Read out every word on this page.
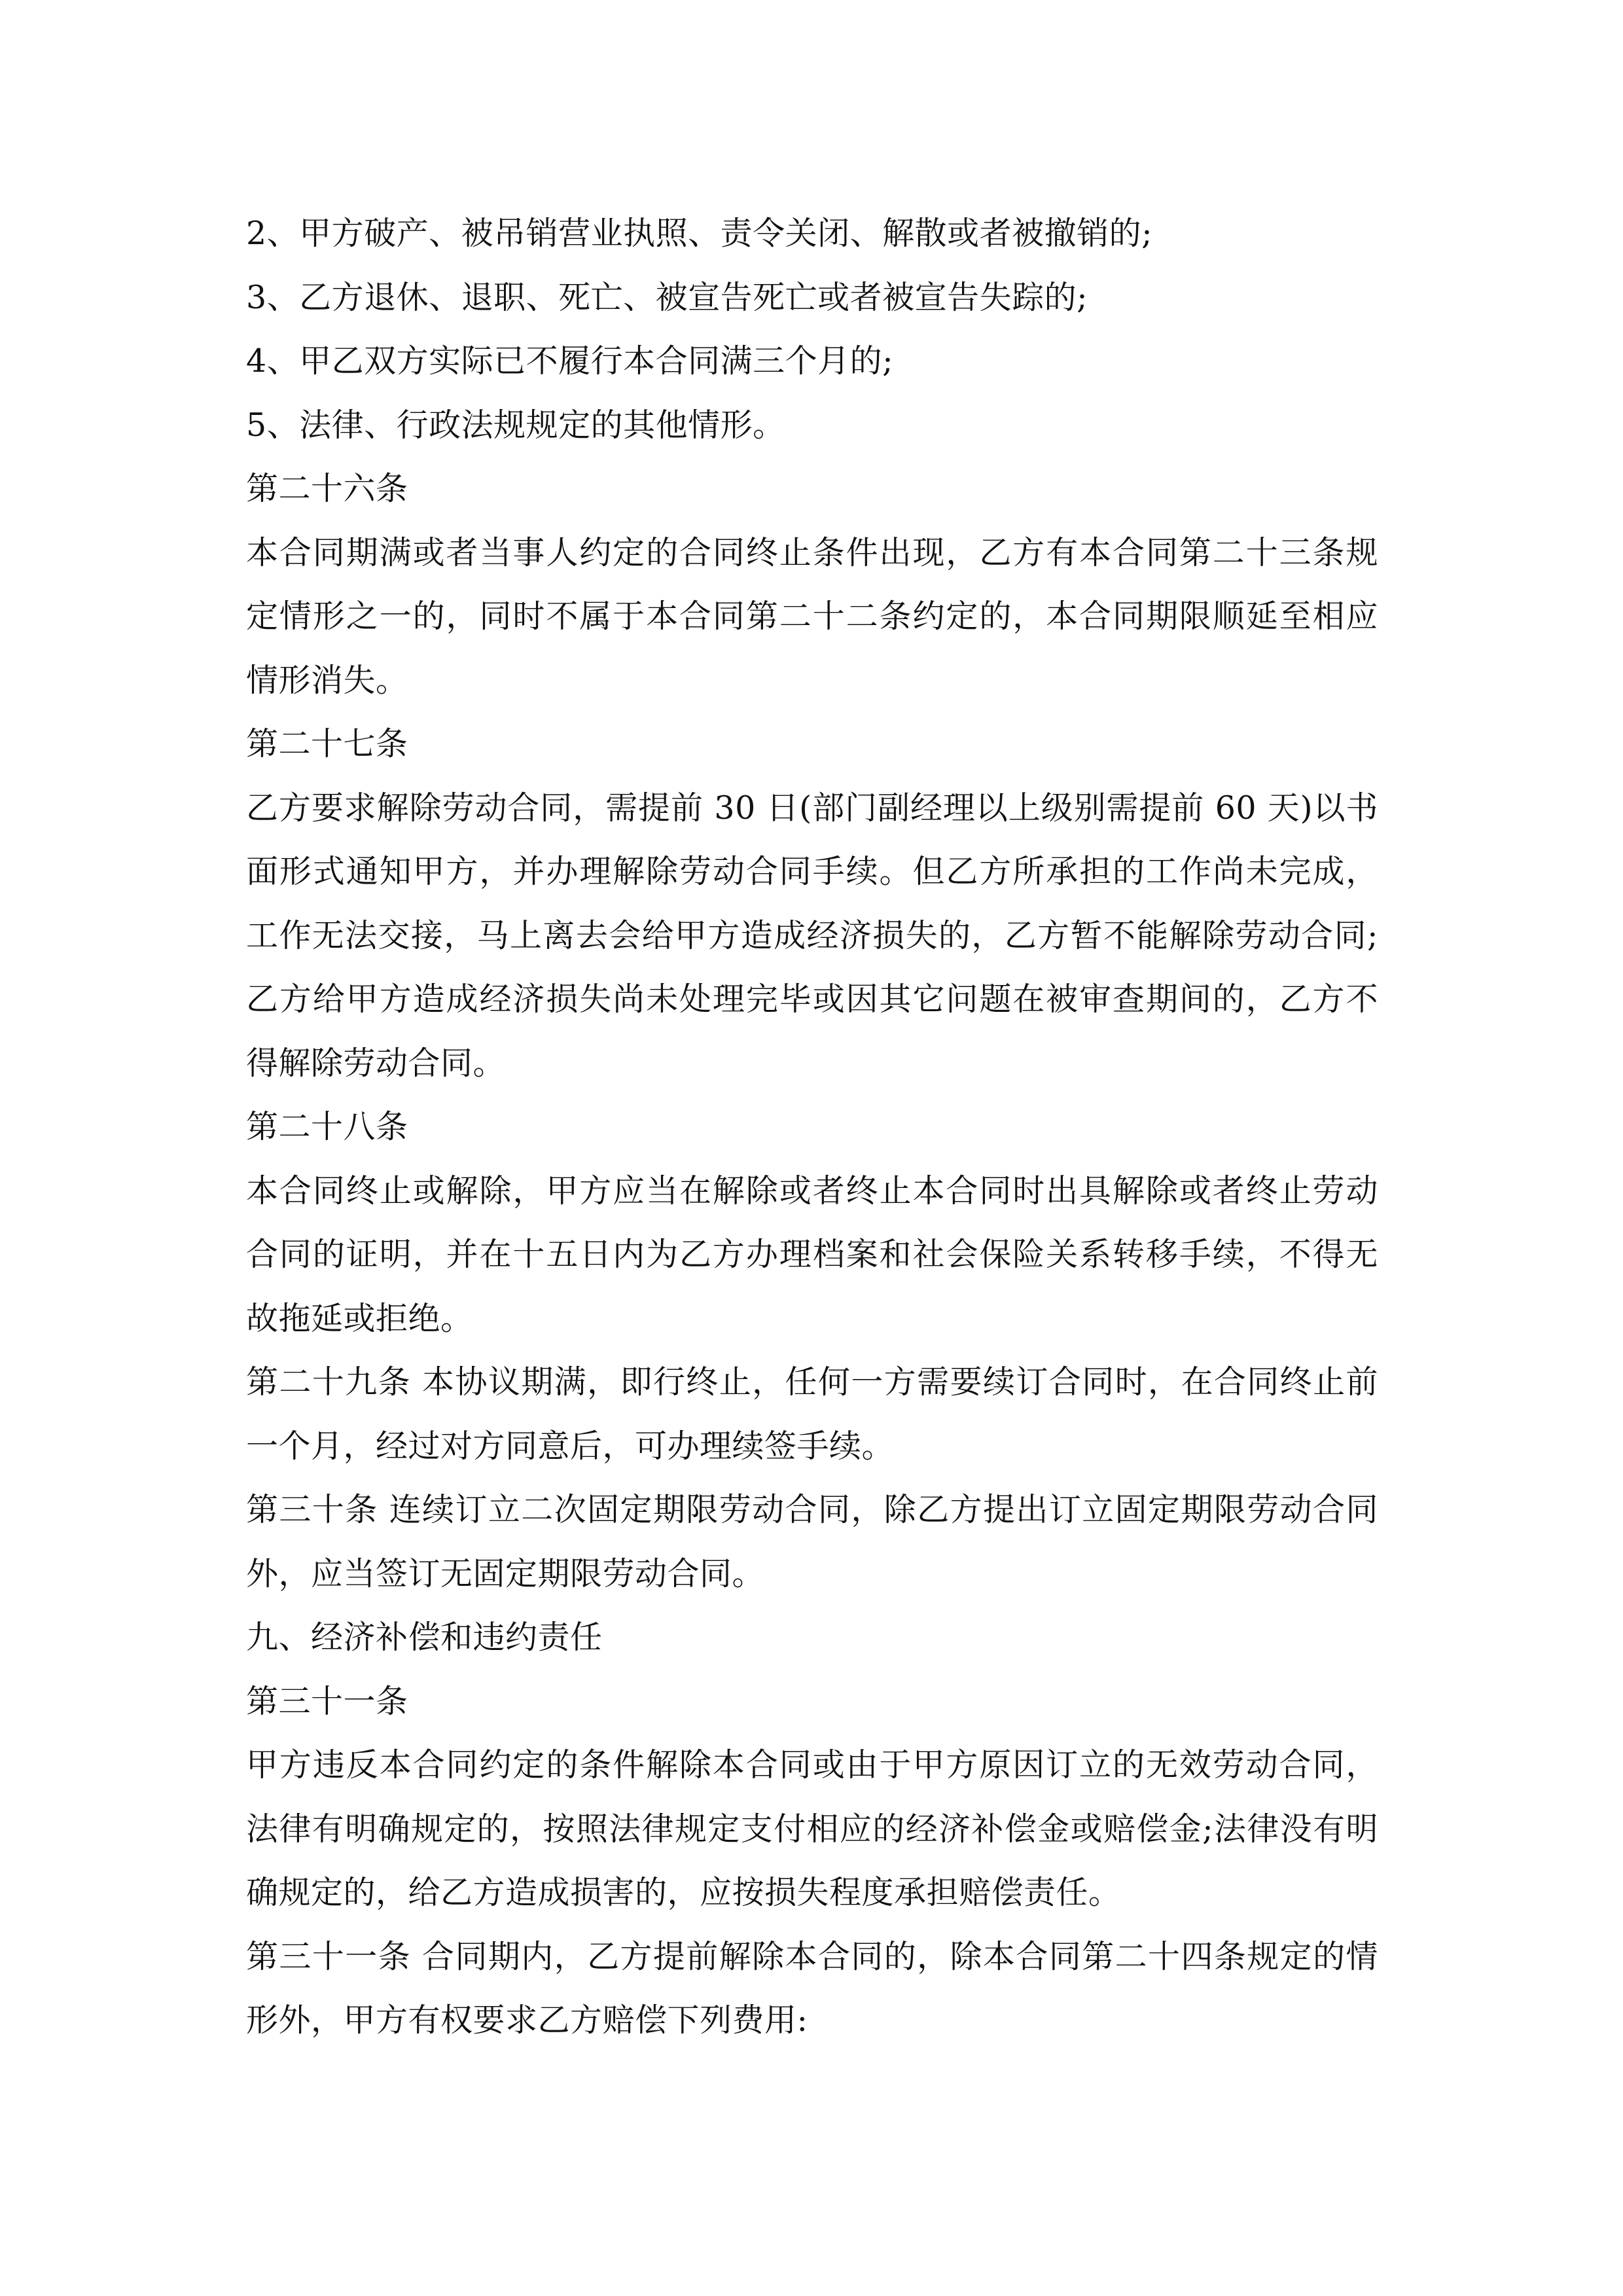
2、甲方破产、被吊销营业执照、责令关闭、解散或者被撤销的;

3、乙方退休、退职、死亡、被宣告死亡或者被宣告失踪的;

4、甲乙双方实际已不履行本合同满三个月的;

5、法律、行政法规规定的其他情形。

第二十六条

本合同期满或者当事人约定的合同终止条件出现，乙方有本合同第二十三条规定情形之一的，同时不属于本合同第二十二条约定的，本合同期限顺延至相应情形消失。

第二十七条

乙方要求解除劳动合同，需提前 30 日(部门副经理以上级别需提前 60 天)以书面形式通知甲方，并办理解除劳动合同手续。但乙方所承担的工作尚未完成，工作无法交接，马上离去会给甲方造成经济损失的，乙方暂不能解除劳动合同;乙方给甲方造成经济损失尚未处理完毕或因其它问题在被审查期间的，乙方不得解除劳动合同。

第二十八条

本合同终止或解除，甲方应当在解除或者终止本合同时出具解除或者终止劳动合同的证明，并在十五日内为乙方办理档案和社会保险关系转移手续，不得无故拖延或拒绝。

第二十九条 本协议期满，即行终止，任何一方需要续订合同时，在合同终止前一个月，经过对方同意后，可办理续签手续。

第三十条 连续订立二次固定期限劳动合同，除乙方提出订立固定期限劳动合同外，应当签订无固定期限劳动合同。

九、经济补偿和违约责任

第三十一条

甲方违反本合同约定的条件解除本合同或由于甲方原因订立的无效劳动合同，法律有明确规定的，按照法律规定支付相应的经济补偿金或赔偿金;法律没有明确规定的，给乙方造成损害的，应按损失程度承担赔偿责任。

第三十一条 合同期内，乙方提前解除本合同的，除本合同第二十四条规定的情形外，甲方有权要求乙方赔偿下列费用:
